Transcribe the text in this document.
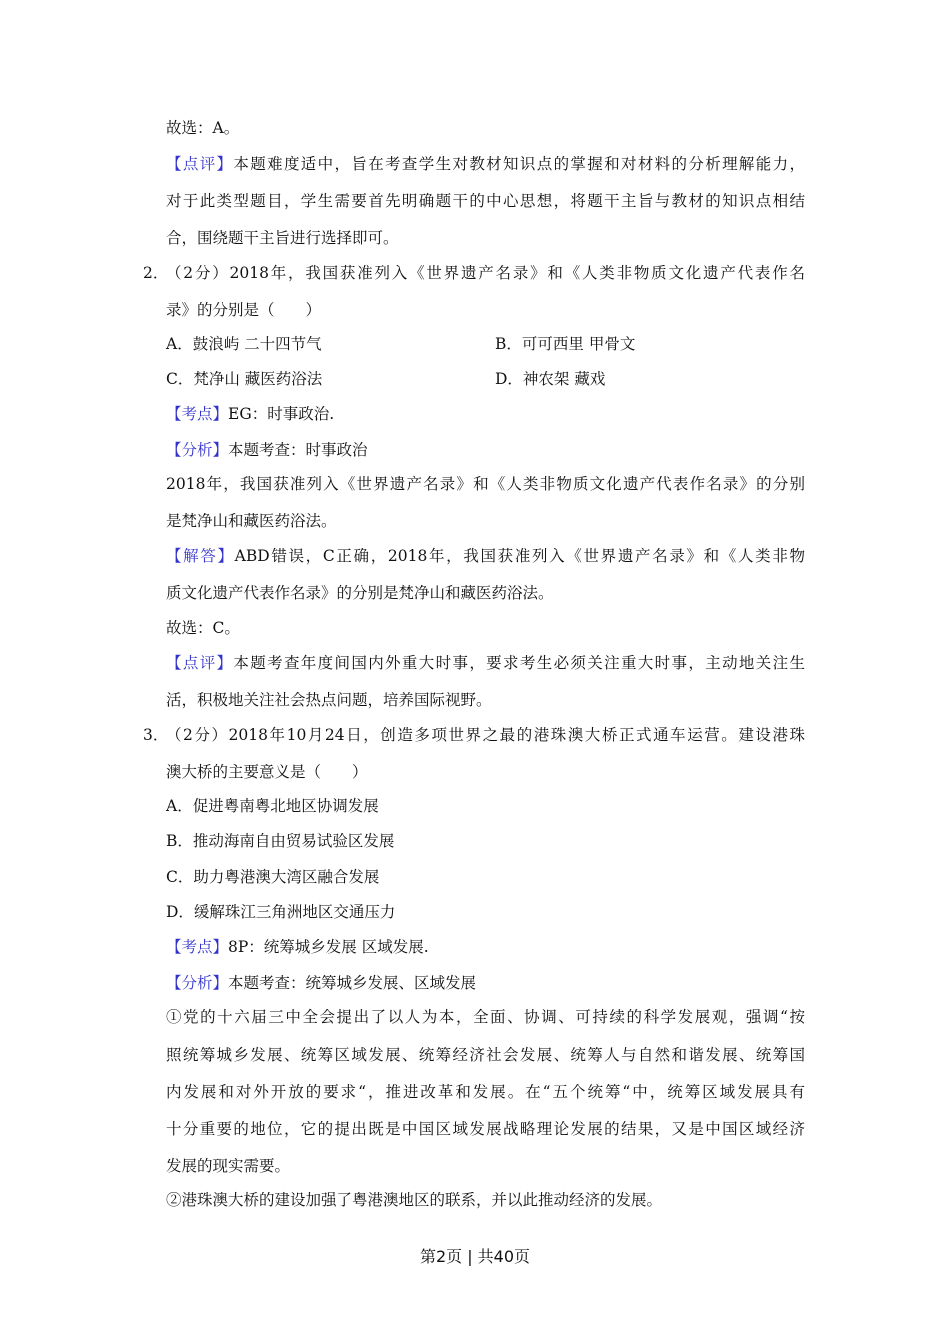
故选：A。
【点评】本题难度适中，旨在考查学生对教材知识点的掌握和对材料的分析理解能力，
对于此类型题目，学生需要首先明确题干的中心思想，将题干主旨与教材的知识点相结
合，围绕题干主旨进行选择即可。
2．
（2分）2018年，我国获准列入《世界遗产名录》和《人类非物质文化遗产代表作名
录》的分别是（　　）
A．鼓浪屿 二十四节气	B．可可西里 甲骨文
C．梵净山 藏医药浴法	D．神农架 藏戏
【考点】EG：时事政治.
【分析】本题考查：时事政治
2018年，我国获准列入《世界遗产名录》和《人类非物质文化遗产代表作名录》的分别
是梵净山和藏医药浴法。
【解答】ABD错误，C正确，2018年，我国获准列入《世界遗产名录》和《人类非物
质文化遗产代表作名录》的分别是梵净山和藏医药浴法。
故选：C。
【点评】本题考查年度间国内外重大时事，要求考生必须关注重大时事，主动地关注生
活，积极地关注社会热点问题，培养国际视野。
3．
（2分）2018年10月24日，创造多项世界之最的港珠澳大桥正式通车运营。建设港珠
澳大桥的主要意义是（　　）
A．促进粤南粤北地区协调发展
B．推动海南自由贸易试验区发展
C．助力粤港澳大湾区融合发展
D．缓解珠江三角洲地区交通压力
【考点】8P：统筹城乡发展 区域发展.
【分析】本题考查：统筹城乡发展、区域发展
①党的十六届三中全会提出了以人为本，全面、协调、可持续的科学发展观，强调“按
照统筹城乡发展、统筹区域发展、统筹经济社会发展、统筹人与自然和谐发展、统筹国
内发展和对外开放的要求“，推进改革和发展。在“五个统筹“中，统筹区域发展具有
十分重要的地位，它的提出既是中国区域发展战略理论发展的结果，又是中国区域经济
发展的现实需要。
②港珠澳大桥的建设加强了粤港澳地区的联系，并以此推动经济的发展。
第2页 | 共40页
